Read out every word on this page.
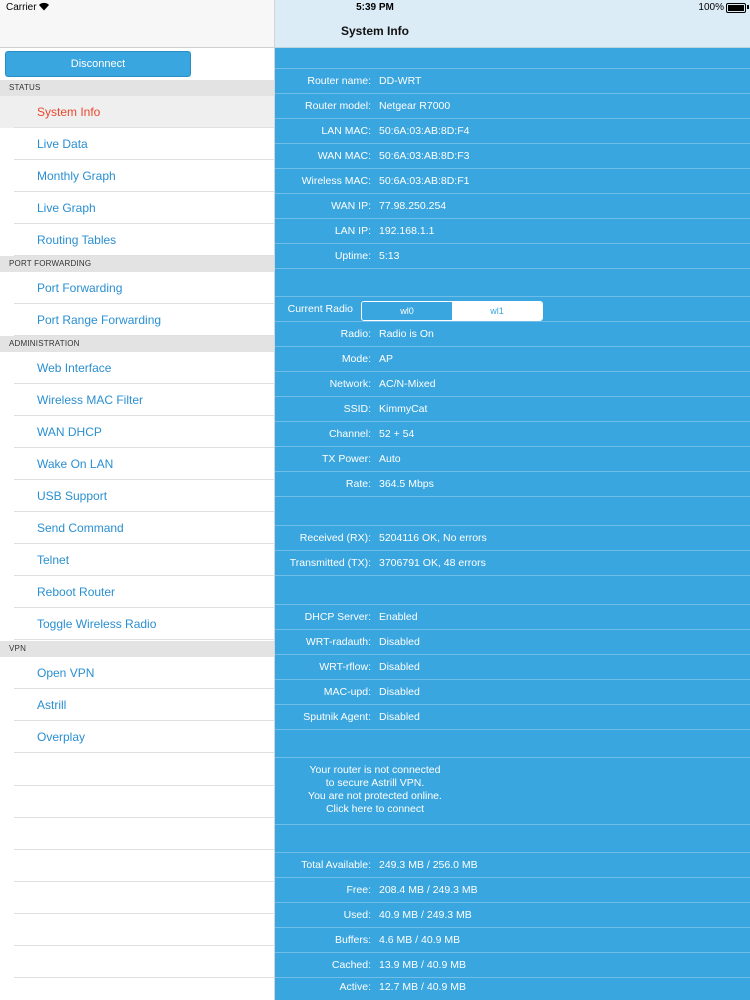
Disconnect
STATUS
System Info
Live Data
Monthly Graph
Live Graph
Routing Tables
PORT FORWARDING
Port Forwarding
Port Range Forwarding
ADMINISTRATION
Web Interface
Wireless MAC Filter
WAN DHCP
Wake On LAN
USB Support
Send Command
Telnet
Reboot Router
Toggle Wireless Radio
VPN
Open VPN
Astrill
Overplay
System Info
Router name: DD-WRT
Router model: Netgear R7000
LAN MAC: 50:6A:03:AB:8D:F4
WAN MAC: 50:6A:03:AB:8D:F3
Wireless MAC: 50:6A:03:AB:8D:F1
WAN IP: 77.98.250.254
LAN IP: 192.168.1.1
Uptime: 5:13
Current Radio	wl0	wl1
Radio: Radio is On
Mode: AP
Network: AC/N-Mixed
SSID: KimmyCat
Channel: 52 + 54
TX Power: Auto
Rate: 364.5 Mbps
Received (RX): 5204116 OK, No errors
Transmitted (TX): 3706791 OK, 48 errors
DHCP Server: Enabled
WRT-radauth: Disabled
WRT-rflow: Disabled
MAC-upd: Disabled
Sputnik Agent: Disabled
Your router is not connected
to secure Astrill VPN.
You are not protected online.
Click here to connect
Total Available: 249.3 MB / 256.0 MB
Free: 208.4 MB / 249.3 MB
Used: 40.9 MB / 249.3 MB
Buffers: 4.6 MB / 40.9 MB
Cached: 13.9 MB / 40.9 MB
Active: 12.7 MB / 40.9 MB
Carrier	5:39 PM	100%
